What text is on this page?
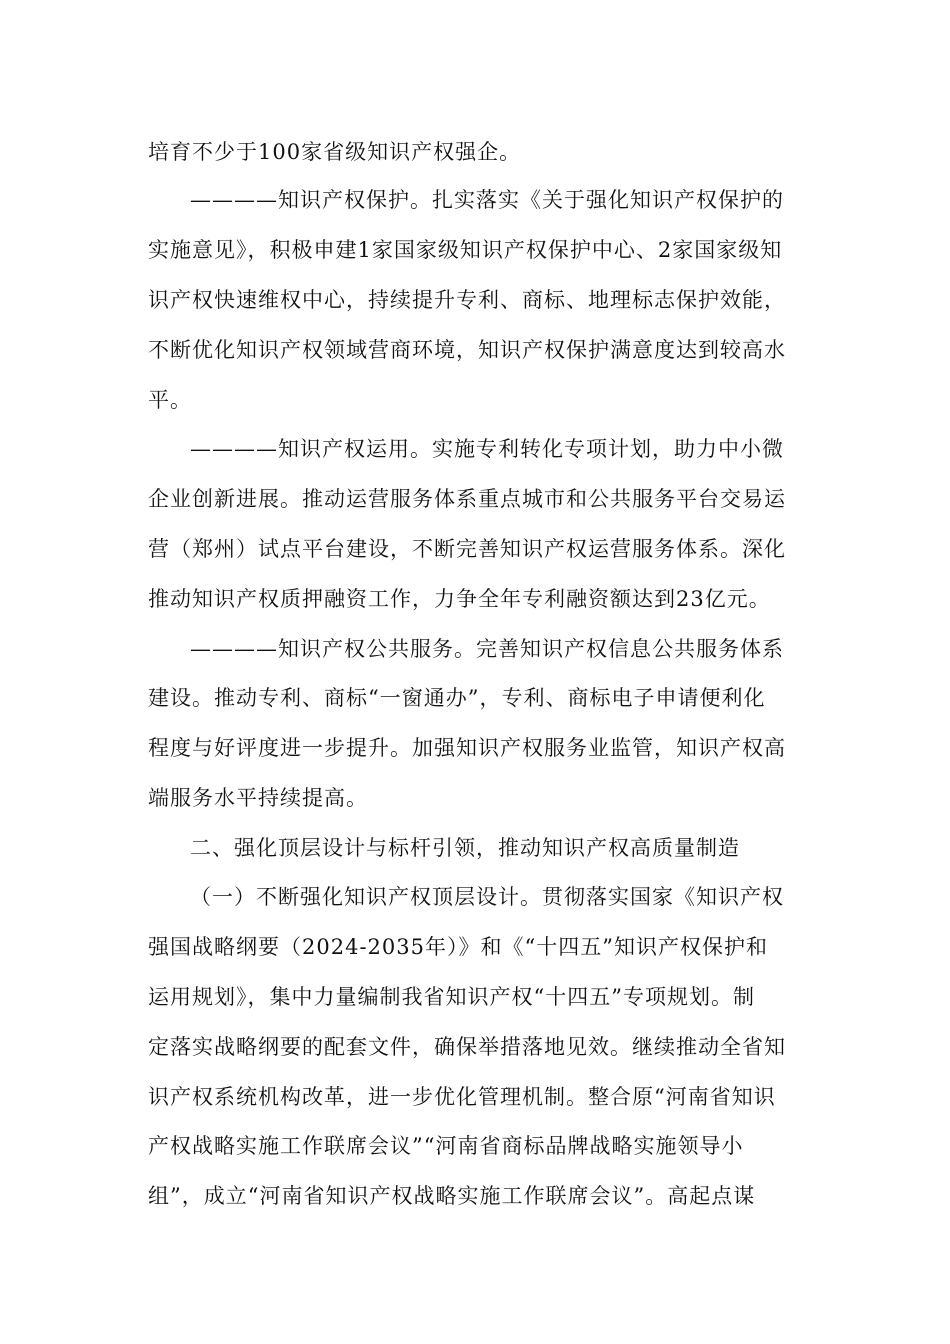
培育不少于100家省级知识产权强企。
————知识产权保护。扎实落实《关于强化知识产权保护的
实施意见》，积极申建1家国家级知识产权保护中心、2家国家级知
识产权快速维权中心，持续提升专利、商标、地理标志保护效能，
不断优化知识产权领域营商环境，知识产权保护满意度达到较高水
平。
————知识产权运用。实施专利转化专项计划，助力中小微
企业创新进展。推动运营服务体系重点城市和公共服务平台交易运
营（郑州）试点平台建设，不断完善知识产权运营服务体系。深化
推动知识产权质押融资工作，力争全年专利融资额达到23亿元。
————知识产权公共服务。完善知识产权信息公共服务体系
建设。推动专利、商标“一窗通办”，专利、商标电子申请便利化
程度与好评度进一步提升。加强知识产权服务业监管，知识产权高
端服务水平持续提高。
二、强化顶层设计与标杆引领，推动知识产权高质量制造
（一）不断强化知识产权顶层设计。贯彻落实国家《知识产权
强国战略纲要（2024-2035年）》和《“十四五”知识产权保护和
运用规划》，集中力量编制我省知识产权“十四五”专项规划。制
定落实战略纲要的配套文件，确保举措落地见效。继续推动全省知
识产权系统机构改革，进一步优化管理机制。整合原“河南省知识
产权战略实施工作联席会议”“河南省商标品牌战略实施领导小
组”，成立“河南省知识产权战略实施工作联席会议”。高起点谋
